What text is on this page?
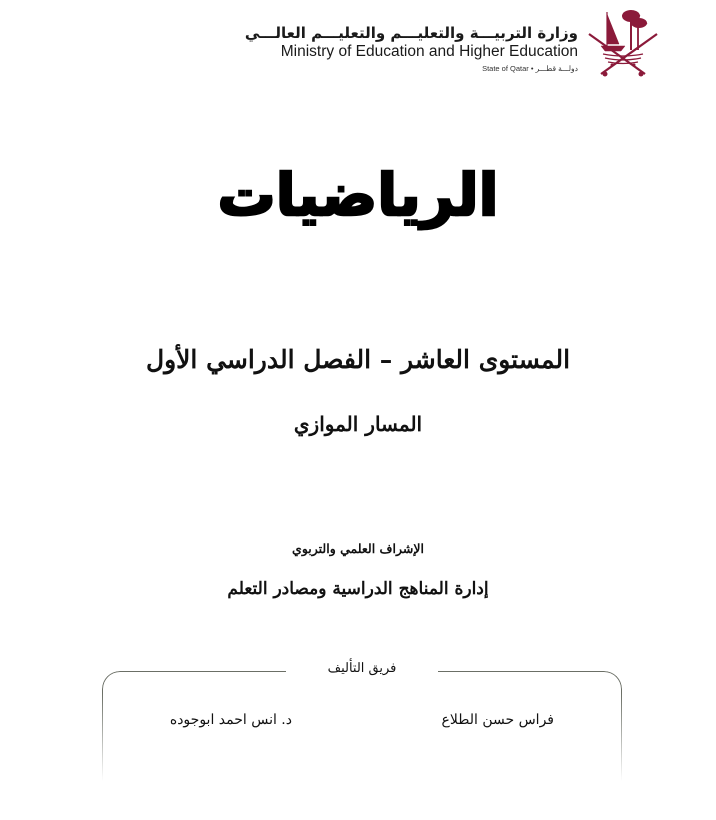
وزارة التربيـــة والتعليـــم والتعليـــم العالـــي
Ministry of Education and Higher Education
State of Qatar • دولـــة قطـــر
الرياضيات
المستوى العاشر – الفصل الدراسي الأول
المسار الموازي
الإشراف العلمي والتربوي
إدارة المناهج الدراسية ومصادر التعلم
فريق التأليف
فراس حسن الطلاع
د. انس احمد ابوجوده
